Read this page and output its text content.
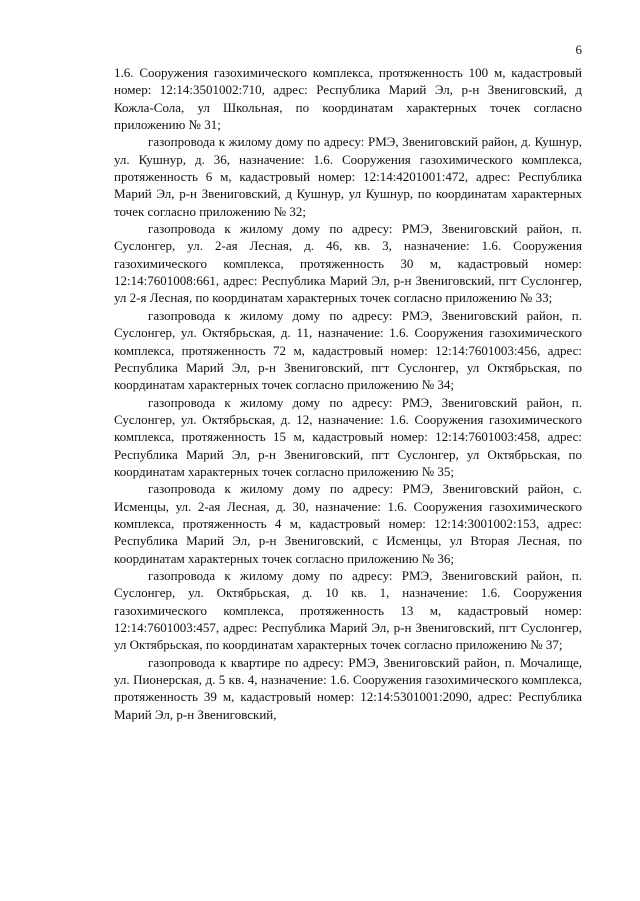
6

1.6. Сооружения газохимического комплекса, протяженность 100 м, кадастровый номер: 12:14:3501002:710, адрес: Республика Марий Эл, р-н Звениговский, д Кожла-Сола, ул Школьная, по координатам характерных точек согласно приложению № 31;

газопровода к жилому дому по адресу: РМЭ, Звениговский район, д. Кушнур, ул. Кушнур, д. 36, назначение: 1.6. Сооружения газохимического комплекса, протяженность 6 м, кадастровый номер: 12:14:4201001:472, адрес: Республика Марий Эл, р-н Звениговский, д Кушнур, ул Кушнур, по координатам характерных точек согласно приложению № 32;

газопровода к жилому дому по адресу: РМЭ, Звениговский район, п. Суслонгер, ул. 2-ая Лесная, д. 46, кв. 3, назначение: 1.6. Сооружения газохимического комплекса, протяженность 30 м, кадастровый номер: 12:14:7601008:661, адрес: Республика Марий Эл, р-н Звениговский, пгт Суслонгер, ул 2-я Лесная, по координатам характерных точек согласно приложению № 33;

газопровода к жилому дому по адресу: РМЭ, Звениговский район, п. Суслонгер, ул. Октябрьская, д. 11, назначение: 1.6. Сооружения газохимического комплекса, протяженность 72 м, кадастровый номер: 12:14:7601003:456, адрес: Республика Марий Эл, р-н Звениговский, пгт Суслонгер, ул Октябрьская, по координатам характерных точек согласно приложению № 34;

газопровода к жилому дому по адресу: РМЭ, Звениговский район, п. Суслонгер, ул. Октябрьская, д. 12, назначение: 1.6. Сооружения газохимического комплекса, протяженность 15 м, кадастровый номер: 12:14:7601003:458, адрес: Республика Марий Эл, р-н Звениговский, пгт Суслонгер, ул Октябрьская, по координатам характерных точек согласно приложению № 35;

газопровода к жилому дому по адресу: РМЭ, Звениговский район, с. Исменцы, ул. 2-ая Лесная, д. 30, назначение: 1.6. Сооружения газохимического комплекса, протяженность 4 м, кадастровый номер: 12:14:3001002:153, адрес: Республика Марий Эл, р-н Звениговский, с Исменцы, ул Вторая Лесная, по координатам характерных точек согласно приложению № 36;

газопровода к жилому дому по адресу: РМЭ, Звениговский район, п. Суслонгер, ул. Октябрьская, д. 10 кв. 1, назначение: 1.6. Сооружения газохимического комплекса, протяженность 13 м, кадастровый номер: 12:14:7601003:457, адрес: Республика Марий Эл, р-н Звениговский, пгт Суслонгер, ул Октябрьская, по координатам характерных точек согласно приложению № 37;

газопровода к квартире по адресу: РМЭ, Звениговский район, п. Мочалище, ул. Пионерская, д. 5 кв. 4, назначение: 1.6. Сооружения газохимического комплекса, протяженность 39 м, кадастровый номер: 12:14:5301001:2090, адрес: Республика Марий Эл, р-н Звениговский,
